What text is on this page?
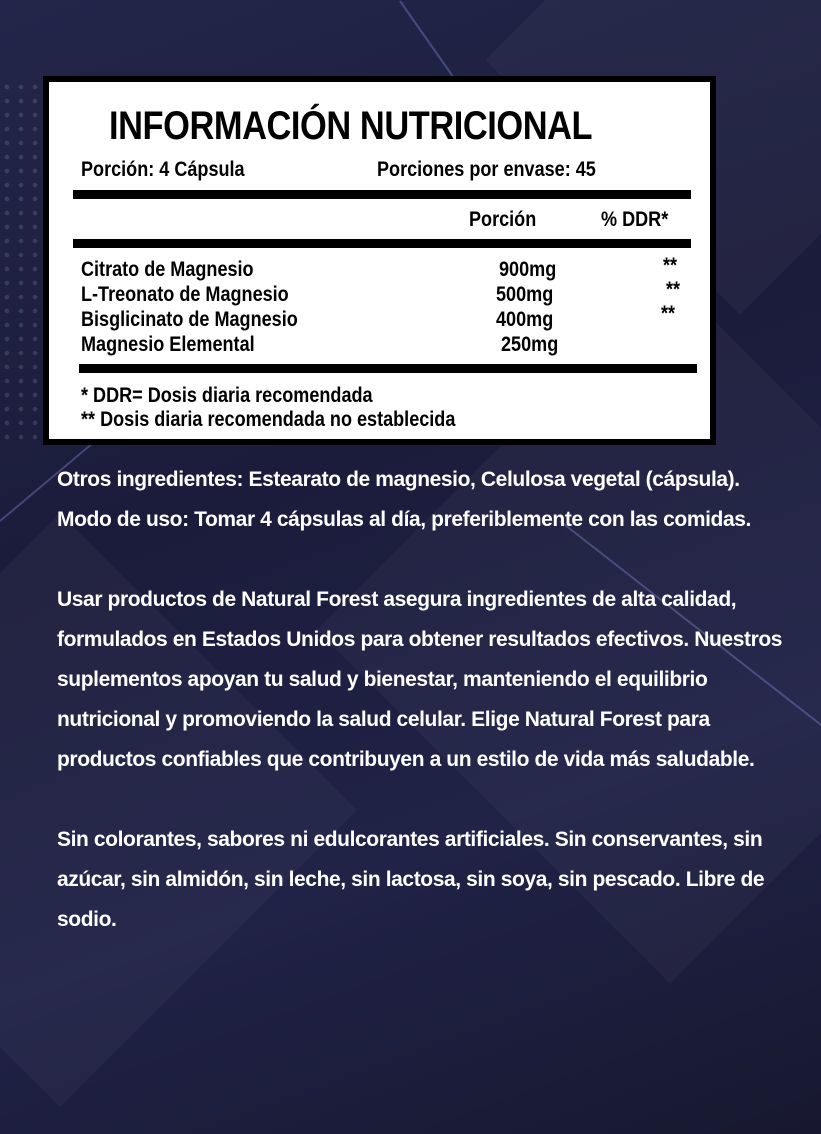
INFORMACIÓN NUTRICIONAL
Porción: 4 Cápsula	Porciones por envase: 45
Porción	% DDR*
Citrato de Magnesio	900mg	**
L-Treonato de Magnesio	500mg	**
Bisglicinato de Magnesio	400mg	**
Magnesio Elemental	250mg
* DDR= Dosis diaria recomendada
** Dosis diaria recomendada no establecida

Otros ingredientes: Estearato de magnesio, Celulosa vegetal (cápsula).

Modo de uso: Tomar 4 cápsulas al día, preferiblemente con las comidas.

Usar productos de Natural Forest asegura ingredientes de alta calidad, formulados en Estados Unidos para obtener resultados efectivos. Nuestros suplementos apoyan tu salud y bienestar, manteniendo el equilibrio nutricional y promoviendo la salud celular. Elige Natural Forest para productos confiables que contribuyen a un estilo de vida más saludable.

Sin colorantes, sabores ni edulcorantes artificiales. Sin conservantes, sin azúcar, sin almidón, sin leche, sin lactosa, sin soya, sin pescado. Libre de sodio.
